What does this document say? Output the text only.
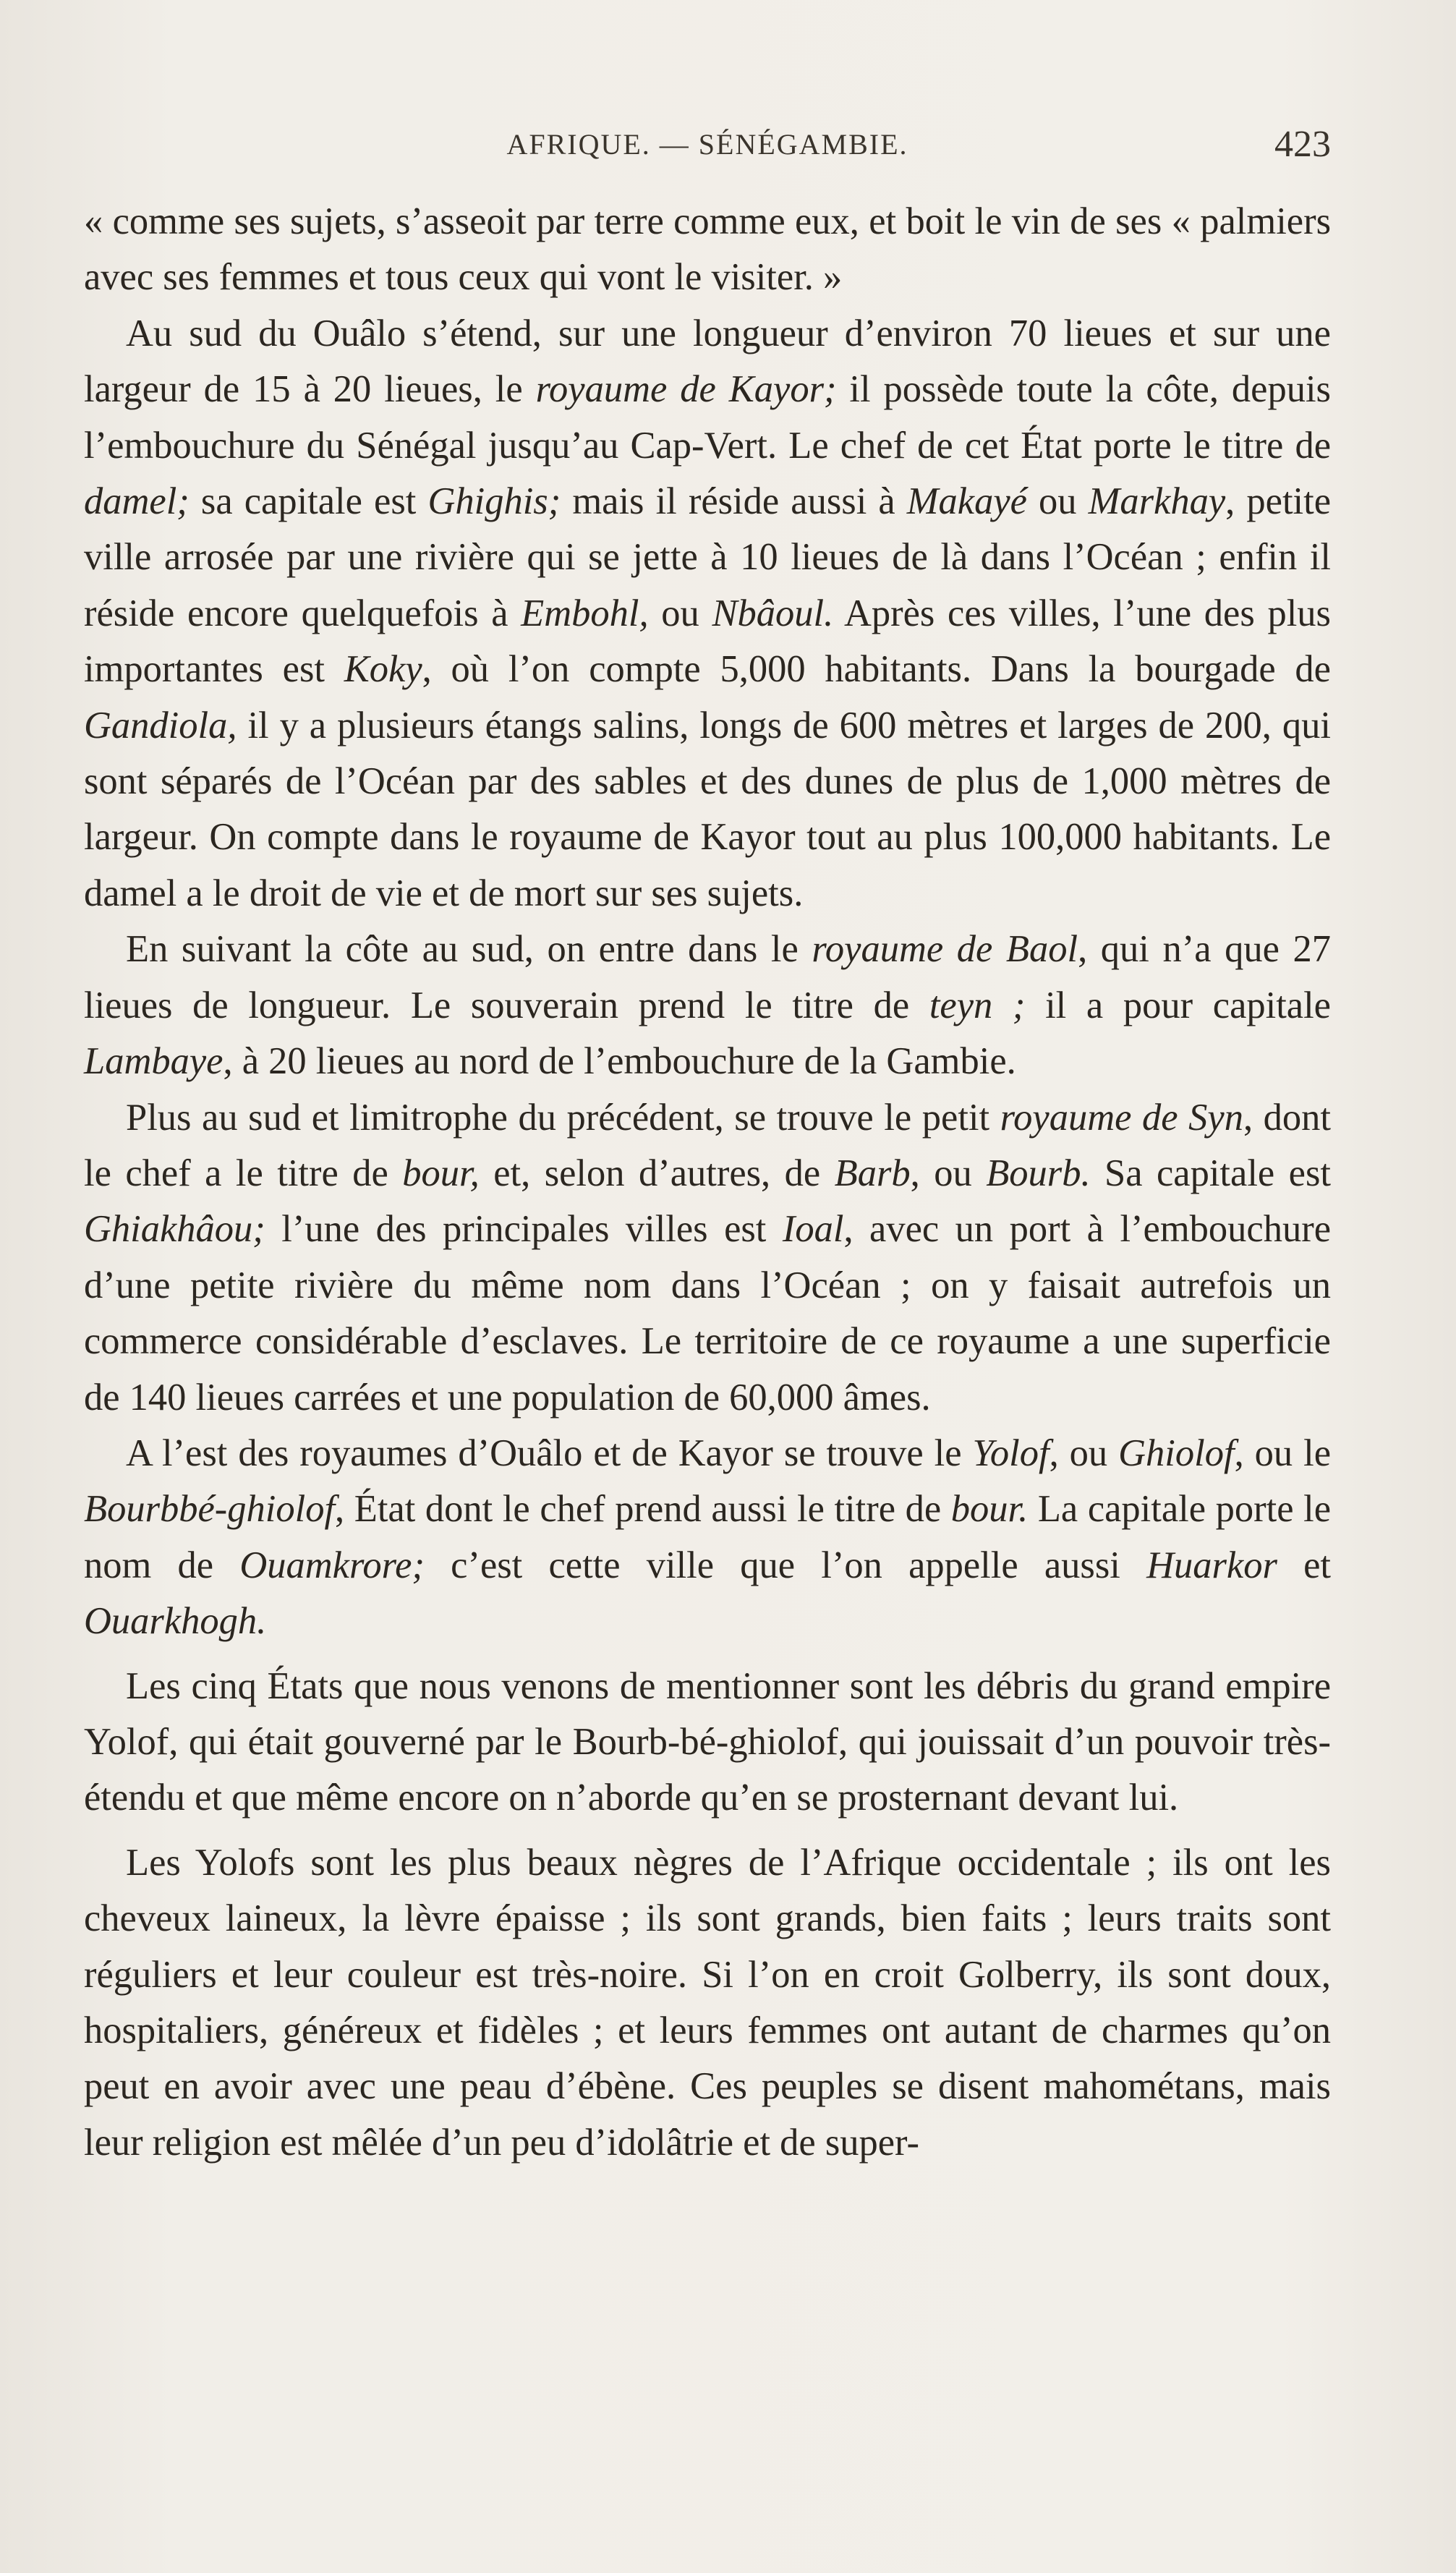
AFRIQUE. — SÉNÉGAMBIE.	423

« comme ses sujets, s’asseoit par terre comme eux, et boit le vin de ses « palmiers avec ses femmes et tous ceux qui vont le visiter. »

Au sud du Ouâlo s’étend, sur une longueur d’environ 70 lieues et sur une largeur de 15 à 20 lieues, le royaume de Kayor; il possède toute la côte, depuis l’embouchure du Sénégal jusqu’au Cap-Vert. Le chef de cet État porte le titre de damel; sa capitale est Ghighis; mais il réside aussi à Makayé ou Markhay, petite ville arrosée par une rivière qui se jette à 10 lieues de là dans l’Océan ; enfin il réside encore quelquefois à Embohl, ou Nbâoul. Après ces villes, l’une des plus importantes est Koky, où l’on compte 5,000 habitants. Dans la bourgade de Gandiola, il y a plusieurs étangs salins, longs de 600 mètres et larges de 200, qui sont séparés de l’Océan par des sables et des dunes de plus de 1,000 mètres de largeur. On compte dans le royaume de Kayor tout au plus 100,000 habitants. Le damel a le droit de vie et de mort sur ses sujets.

En suivant la côte au sud, on entre dans le royaume de Baol, qui n’a que 27 lieues de longueur. Le souverain prend le titre de teyn ; il a pour capitale Lambaye, à 20 lieues au nord de l’embouchure de la Gambie.

Plus au sud et limitrophe du précédent, se trouve le petit royaume de Syn, dont le chef a le titre de bour, et, selon d’autres, de Barb, ou Bourb. Sa capitale est Ghiakhâou; l’une des principales villes est Ioal, avec un port à l’embouchure d’une petite rivière du même nom dans l’Océan ; on y faisait autrefois un commerce considérable d’esclaves. Le territoire de ce royaume a une superficie de 140 lieues carrées et une population de 60,000 âmes.

A l’est des royaumes d’Ouâlo et de Kayor se trouve le Yolof, ou Ghiolof, ou le Bourbbé-ghiolof, État dont le chef prend aussi le titre de bour. La capitale porte le nom de Ouamkrore; c’est cette ville que l’on appelle aussi Huarkor et Ouarkhogh.

Les cinq États que nous venons de mentionner sont les débris du grand empire Yolof, qui était gouverné par le Bourb-bé-ghiolof, qui jouissait d’un pouvoir très-étendu et que même encore on n’aborde qu’en se prosternant devant lui.

Les Yolofs sont les plus beaux nègres de l’Afrique occidentale ; ils ont les cheveux laineux, la lèvre épaisse ; ils sont grands, bien faits ; leurs traits sont réguliers et leur couleur est très-noire. Si l’on en croit Golberry, ils sont doux, hospitaliers, généreux et fidèles ; et leurs femmes ont autant de charmes qu’on peut en avoir avec une peau d’ébène. Ces peuples se disent mahométans, mais leur religion est mêlée d’un peu d’idolâtrie et de super-
